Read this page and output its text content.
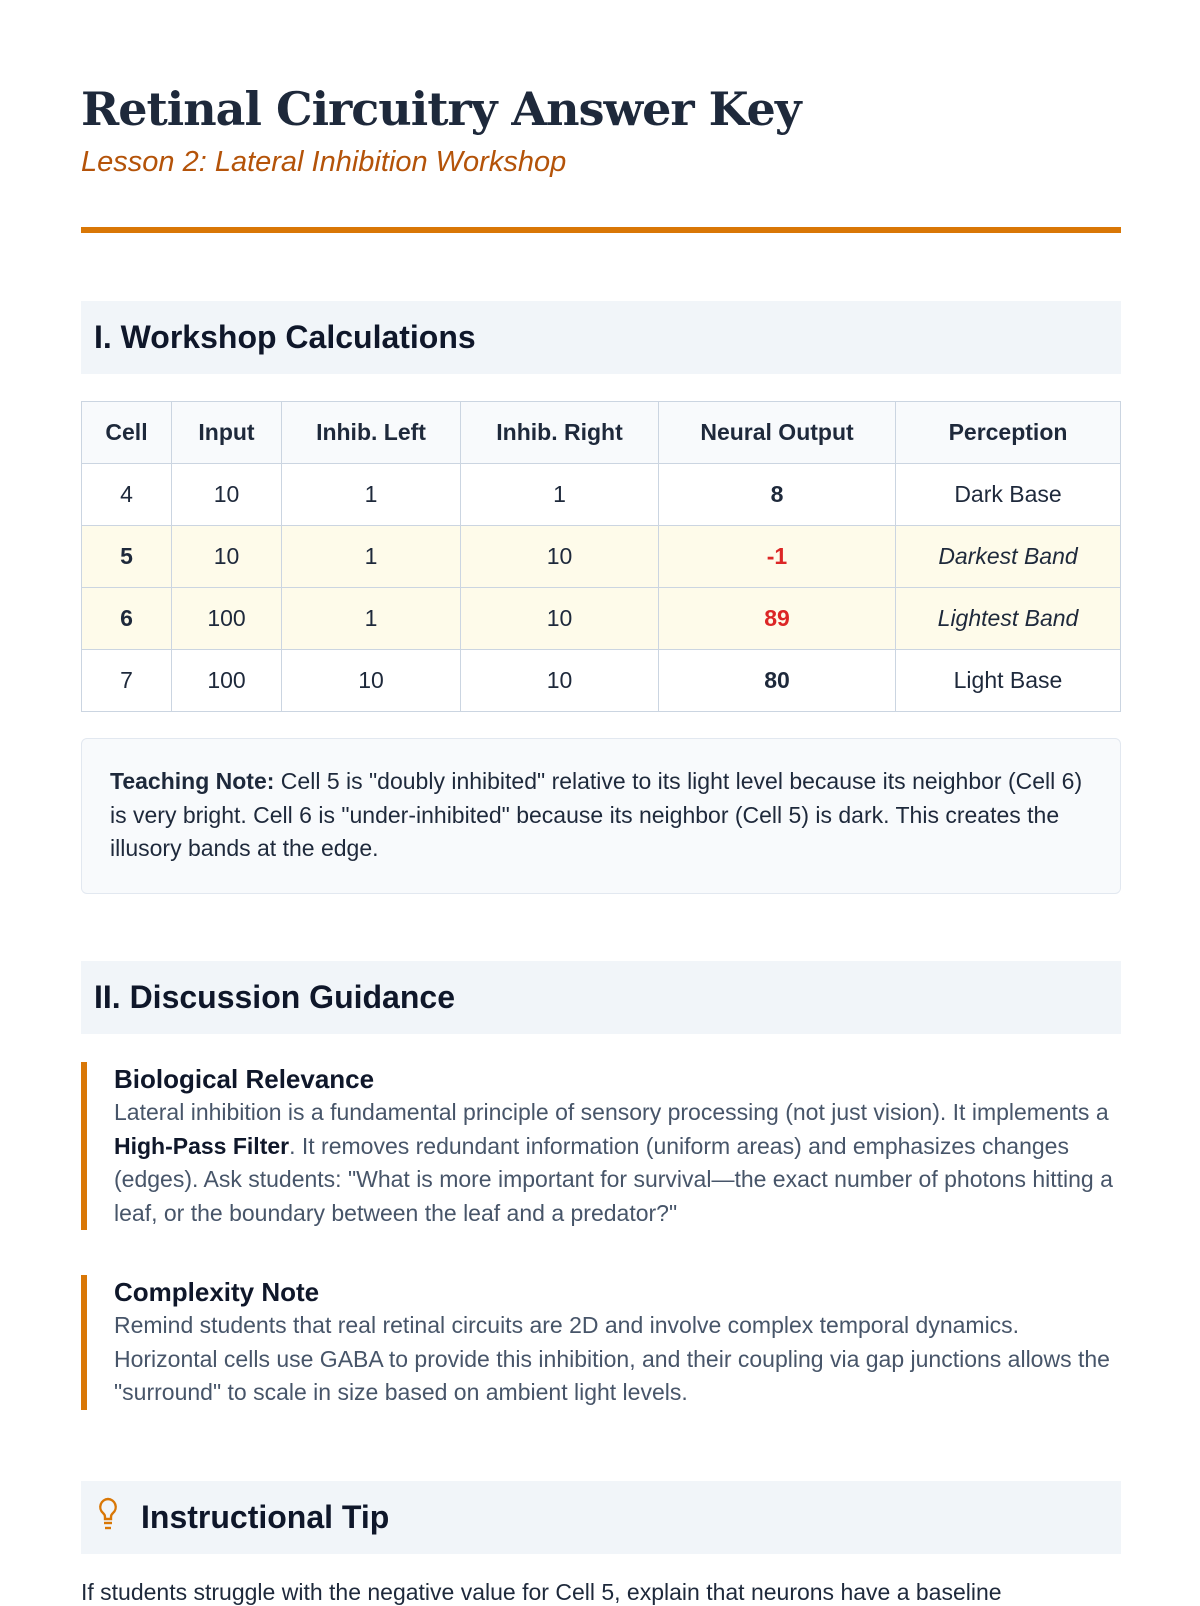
Retinal Circuitry Answer Key
Lesson 2: Lateral Inhibition Workshop
I. Workshop Calculations
Cell	Input	Inhib. Left	Inhib. Right	Neural Output	Perception
4	10	1	1	8	Dark Base
5	10	1	10	-1	Darkest Band
6	100	1	10	89	Lightest Band
7	100	10	10	80	Light Base
Teaching Note: Cell 5 is "doubly inhibited" relative to its light level because its neighbor (Cell 6) is very bright. Cell 6 is "under-inhibited" because its neighbor (Cell 5) is dark. This creates the illusory bands at the edge.
II. Discussion Guidance
Biological Relevance

Lateral inhibition is a fundamental principle of sensory processing (not just vision). It implements a High-Pass Filter. It removes redundant information (uniform areas) and emphasizes changes (edges). Ask students: "What is more important for survival—the exact number of photons hitting a leaf, or the boundary between the leaf and a predator?"

Complexity Note

Remind students that real retinal circuits are 2D and involve complex temporal dynamics. Horizontal cells use GABA to provide this inhibition, and their coupling via gap junctions allows the "surround" to scale in size based on ambient light levels.

Instructional Tip
If students struggle with the negative value for Cell 5, explain that neurons have a baseline
